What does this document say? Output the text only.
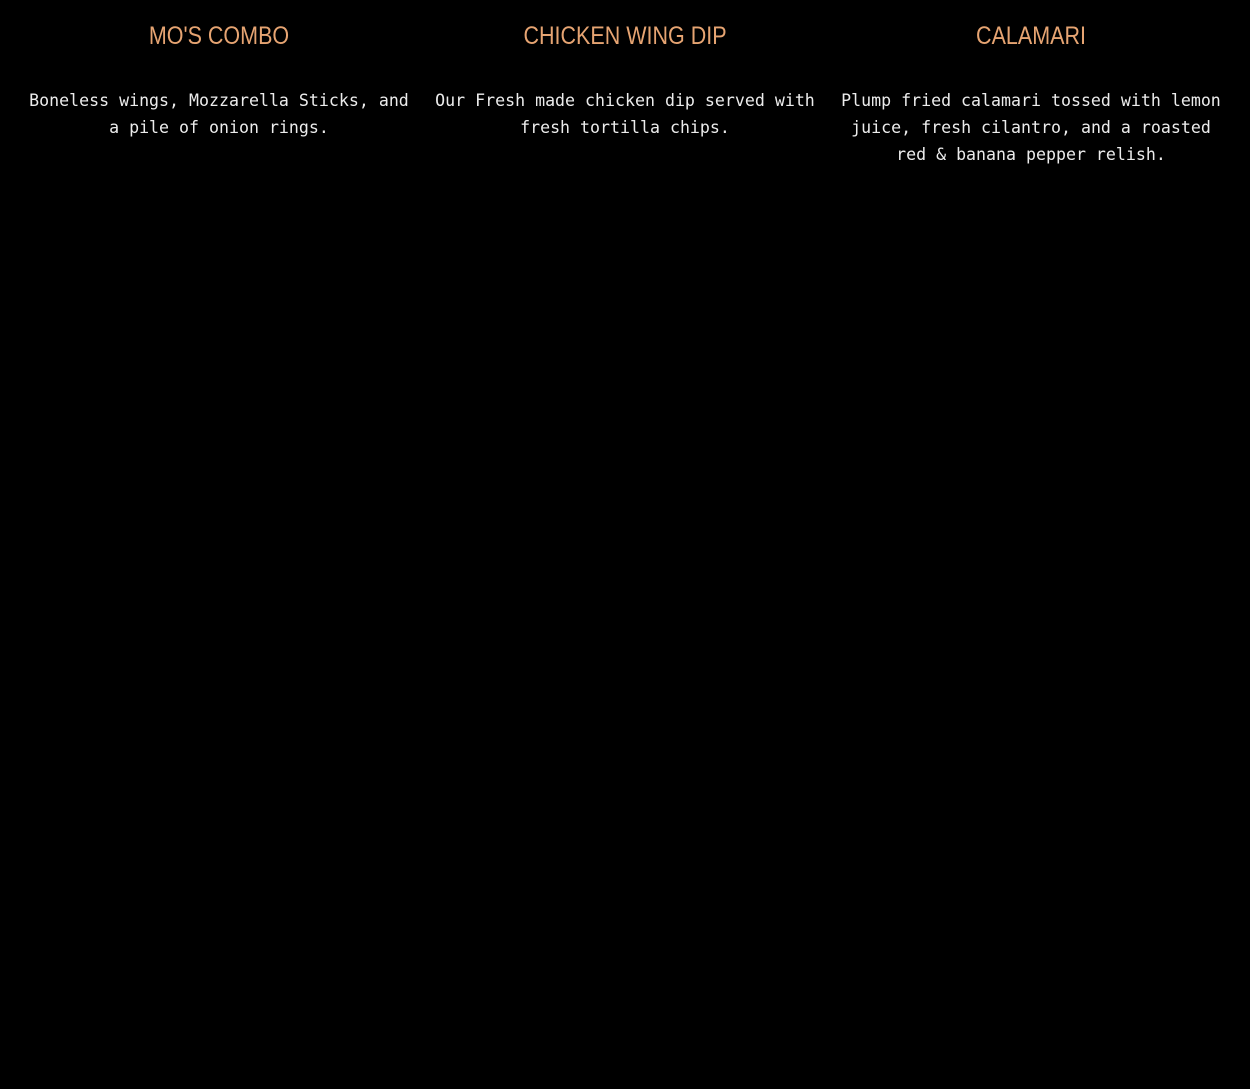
MO'S COMBO

Boneless wings, Mozzarella Sticks, and a pile of onion rings.

CHICKEN WING DIP

Our Fresh made chicken dip served with fresh tortilla chips.

CALAMARI

Plump fried calamari tossed with lemon juice, fresh cilantro, and a roasted red & banana pepper relish.
